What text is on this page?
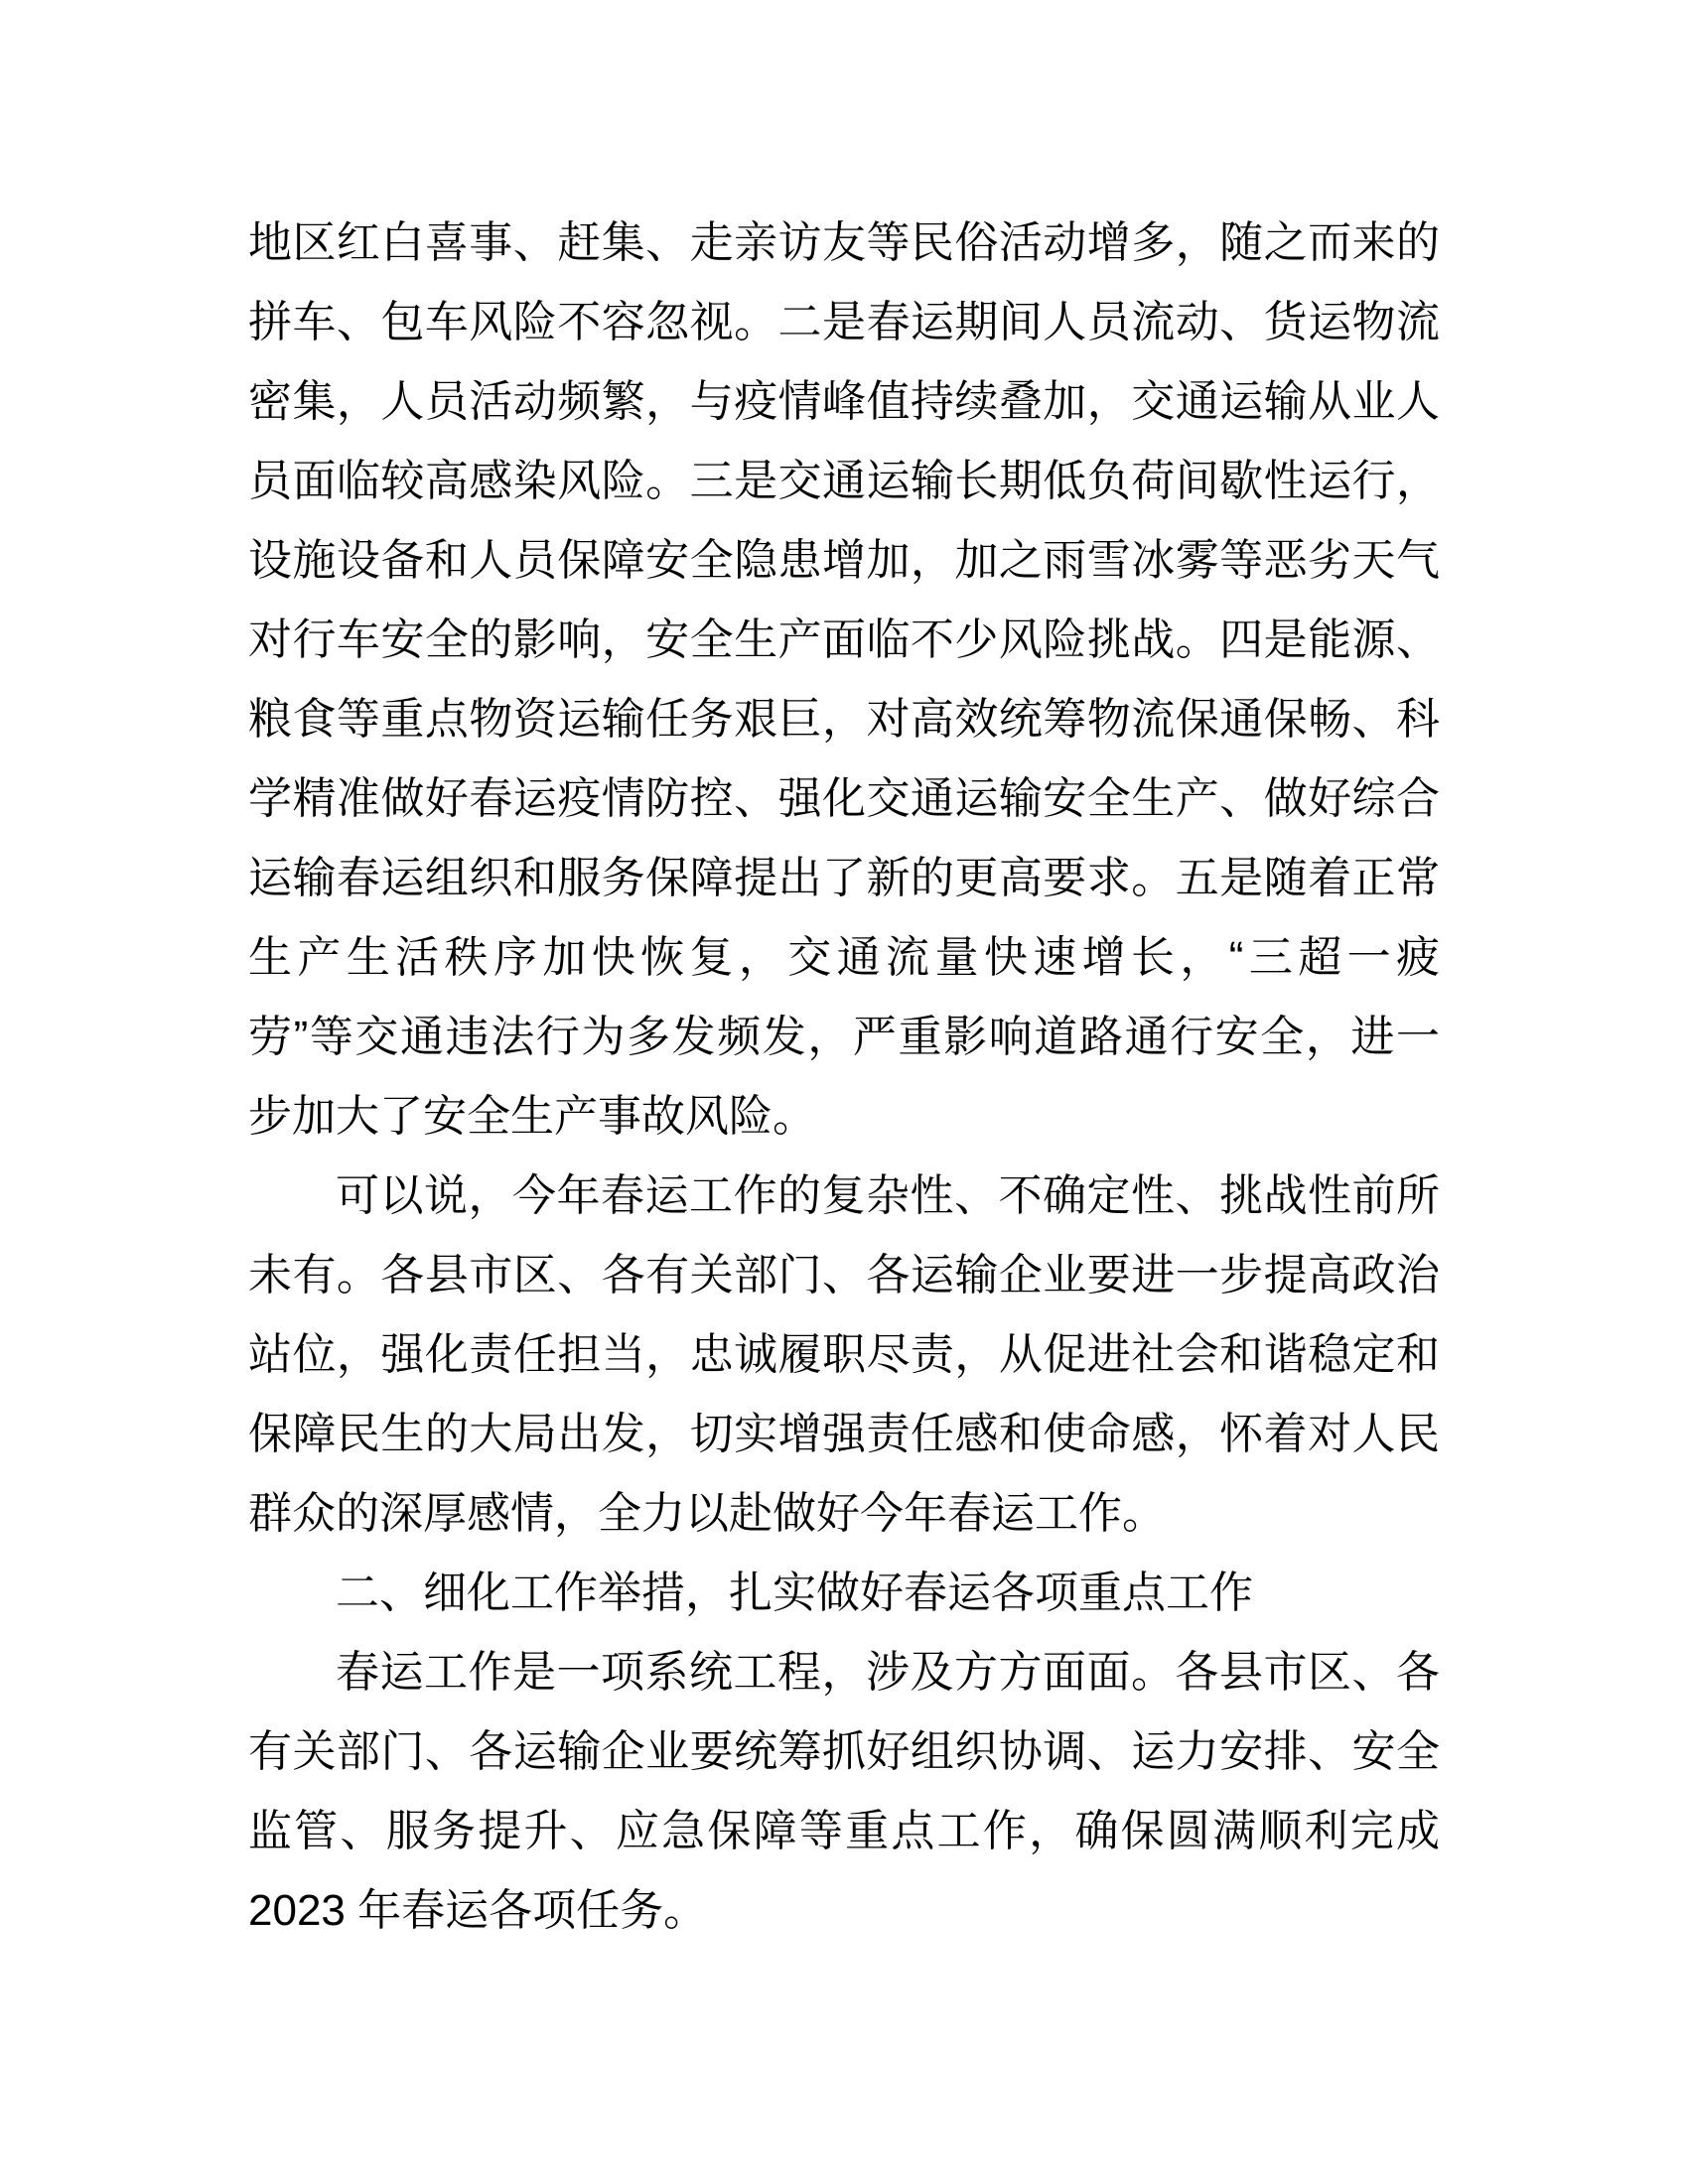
地区红白喜事、赶集、走亲访友等民俗活动增多，随之而来的
拼车、包车风险不容忽视。二是春运期间人员流动、货运物流
密集，人员活动频繁，与疫情峰值持续叠加，交通运输从业人
员面临较高感染风险。三是交通运输长期低负荷间歇性运行，
设施设备和人员保障安全隐患增加，加之雨雪冰雾等恶劣天气
对行车安全的影响，安全生产面临不少风险挑战。四是能源、
粮食等重点物资运输任务艰巨，对高效统筹物流保通保畅、科
学精准做好春运疫情防控、强化交通运输安全生产、做好综合
运输春运组织和服务保障提出了新的更高要求。五是随着正常
生产生活秩序加快恢复，交通流量快速增长，“三超一疲
劳”等交通违法行为多发频发，严重影响道路通行安全，进一
步加大了安全生产事故风险。
可以说，今年春运工作的复杂性、不确定性、挑战性前所
未有。各县市区、各有关部门、各运输企业要进一步提高政治
站位，强化责任担当，忠诚履职尽责，从促进社会和谐稳定和
保障民生的大局出发，切实增强责任感和使命感，怀着对人民
群众的深厚感情，全力以赴做好今年春运工作。
二、细化工作举措，扎实做好春运各项重点工作
春运工作是一项系统工程，涉及方方面面。各县市区、各
有关部门、各运输企业要统筹抓好组织协调、运力安排、安全
监管、服务提升、应急保障等重点工作，确保圆满顺利完成
2023 年春运各项任务。
